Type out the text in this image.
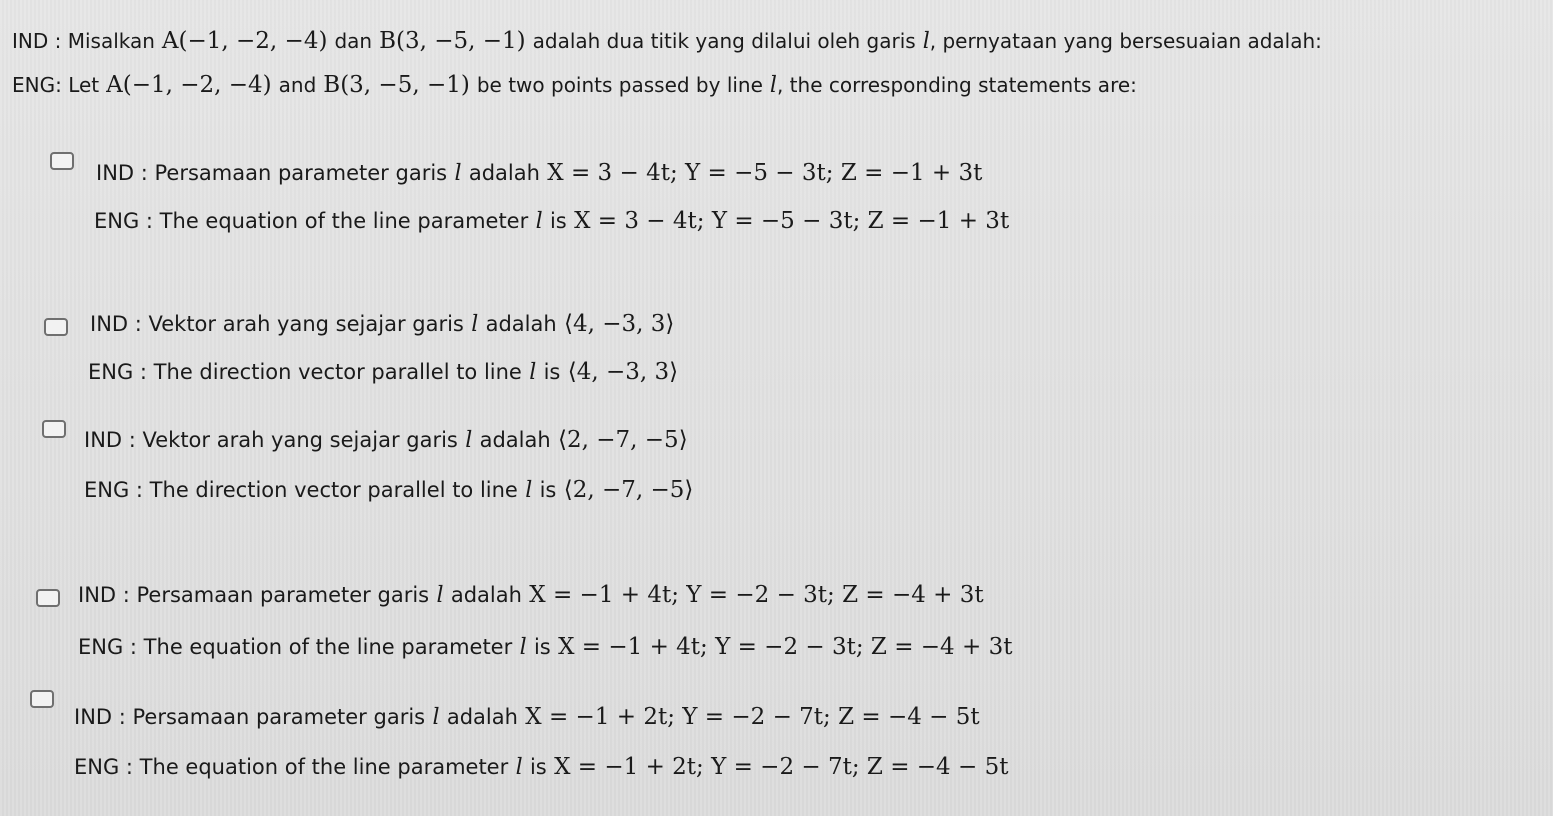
IND : Misalkan A(−1, −2, −4) dan B(3, −5, −1) adalah dua titik yang dilalui oleh garis l , pernyataan yang bersesuaian adalah:
ENG: Let A(−1, −2, −4) and B(3, −5, −1) be two points passed by line l , the corresponding statements are:
IND : Persamaan parameter garis l adalah X = 3 − 4t; Y = −5 − 3t; Z = −1 + 3t
ENG : The equation of the line parameter l is X = 3 − 4t; Y = −5 − 3t; Z = −1 + 3t
IND : Vektor arah yang sejajar garis l adalah ⟨4, −3, 3⟩
ENG : The direction vector parallel to line l is ⟨4, −3, 3⟩
IND : Vektor arah yang sejajar garis l adalah ⟨2, −7, −5⟩
ENG : The direction vector parallel to line l is ⟨2, −7, −5⟩
IND : Persamaan parameter garis l adalah X = −1 + 4t; Y = −2 − 3t; Z = −4 + 3t
ENG : The equation of the line parameter l is X = −1 + 4t; Y = −2 − 3t; Z = −4 + 3t
IND : Persamaan parameter garis l adalah X = −1 + 2t; Y = −2 − 7t; Z = −4 − 5t
ENG : The equation of the line parameter l is X = −1 + 2t; Y = −2 − 7t; Z = −4 − 5t
